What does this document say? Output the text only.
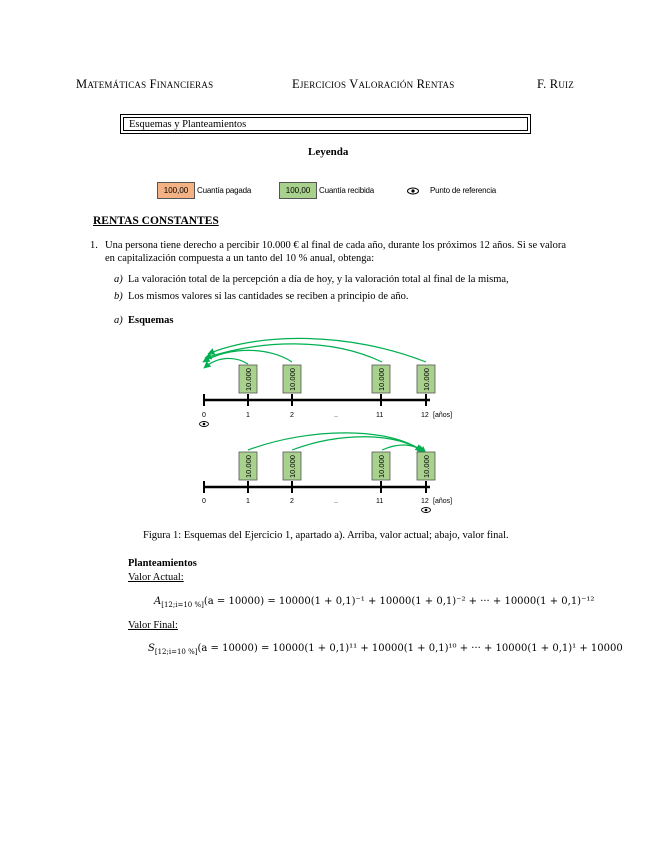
Matemáticas Financieras	Ejercicios Valoración Rentas	F. Ruiz
Esquemas y Planteamientos
Leyenda
100,00	Cuantía pagada	100,00	Cuantía recibida	Punto de referencia
RENTAS CONSTANTES
1. Una persona tiene derecho a percibir 10.000 € al final de cada año, durante los próximos 12 años. Si se valora
en capitalización compuesta a un tanto del 10 % anual, obtenga:
a) La valoración total de la percepción a día de hoy, y la valoración total al final de la misma,
b) Los mismos valores si las cantidades se reciben a principio de año.
a) Esquemas
10.000	10.000	10.000	10.000
0	1	2	..	11	12 [años]
10.000	10.000	10.000	10.000
0	1	2	..	11	12 [años]
Figura 1: Esquemas del Ejercicio 1, apartado a). Arriba, valor actual; abajo, valor final.
Planteamientos
Valor Actual:
$A_{[12;i=10 \%]}(a = 10000) = 10000(1 + 0,1)^{-1} + 10000(1 + 0,1)^{-2}$ + ··· + 10000(1 + 0,1)⁻¹²
Valor Final:
$S_{[12;i=10 \%]}(a = 10000) = 10000(1 + 0,1)^{11} + 10000(1 + 0,1)^{10}$ + ··· + 10000(1 + 0,1)¹ + 10000
